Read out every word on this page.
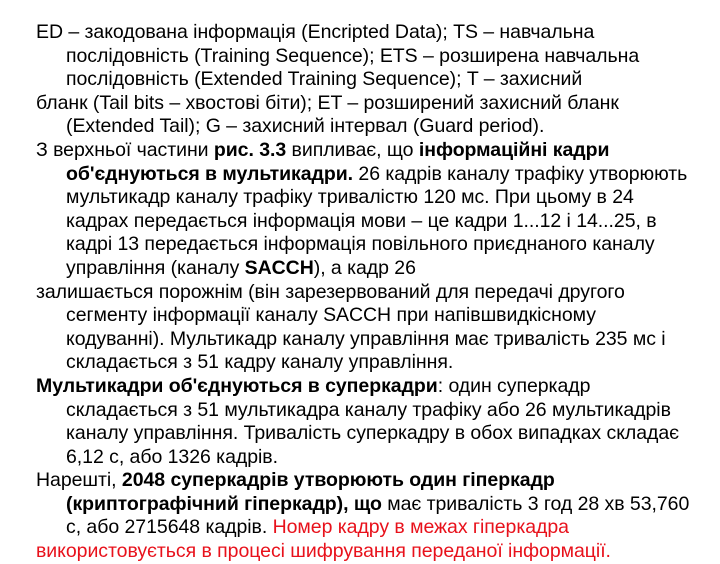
ED – закодована інформація (Encripted Data); TS – навчальна послідовність (Training Sequence); ETS – розширена навчальна послідовність (Extended Training Sequence); T – захисний

бланк (Tail bits – хвостові біти); ET – розширений захисний бланк (Extended Tail); G – захисний інтервал (Guard period).

З верхньої частини рис. 3.3 випливає, що інформаційні кадри об'єднуються в мультикадри. 26 кадрів каналу трафіку утворюють мультикадр каналу трафіку тривалістю 120 мс. При цьому в 24 кадрах передається інформація мови – це кадри 1...12 і 14...25, в кадрі 13 передається інформація повільного приєднаного каналу управління (каналу SACCH), а кадр 26

залишається порожнім (він зарезервований для передачі другого сегменту інформації каналу SACCH при напівшвидкісному кодуванні). Мультикадр каналу управління має тривалість 235 мс і складається з 51 кадру каналу управління.

Мультикадри об'єднуються в суперкадри: один суперкадр складається з 51 мультикадра каналу трафіку або 26 мультикадрів каналу управління. Тривалість суперкадру в обох випадках складає 6,12 с, або 1326 кадрів.

Нарешті, 2048 суперкадрів утворюють один гіперкадр (криптографічний гіперкадр), що має тривалість 3 год 28 хв 53,760 с, або 2715648 кадрів. Номер кадру в межах гіперкадра

використовується в процесі шифрування переданої інформації.
